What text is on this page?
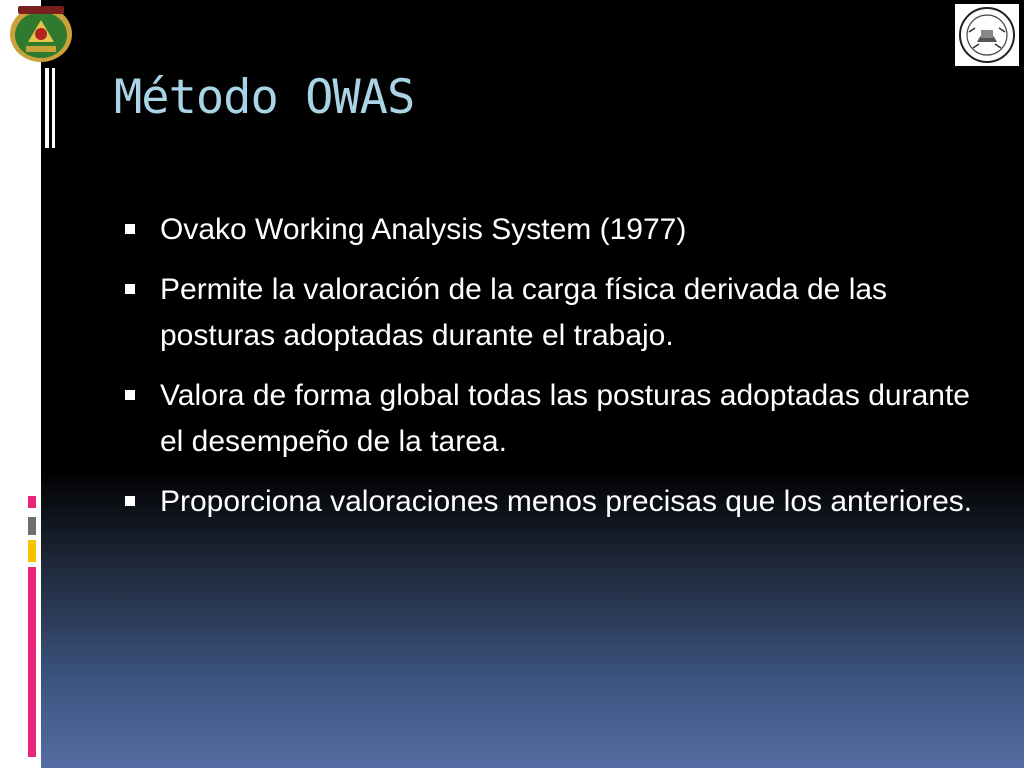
Método OWAS
Ovako Working Analysis System (1977)
Permite la valoración de la carga física derivada de las posturas adoptadas durante el trabajo.
Valora de forma global todas las posturas adoptadas durante el desempeño de la tarea.
Proporciona valoraciones menos precisas que los anteriores.
